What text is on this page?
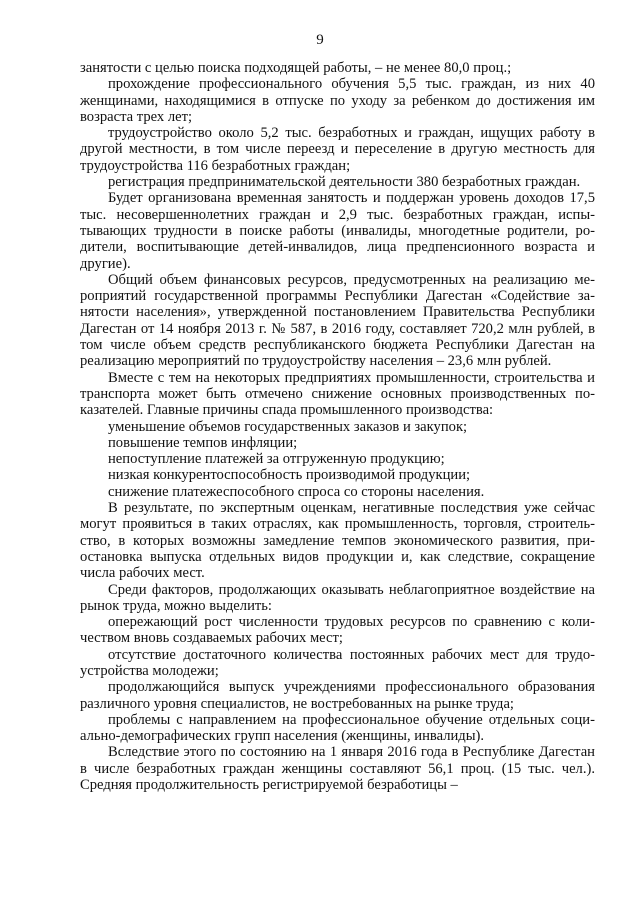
9

занятости с целью поиска подходящей работы, – не менее 80,0 проц.;

прохождение профессионального обучения 5,5 тыс. граждан, из них 40 женщинами, находящимися в отпуске по уходу за ребенком до достижения им возраста трех лет;

трудоустройство около 5,2 тыс. безработных и граждан, ищущих работу в другой местности, в том числе переезд и переселение в другую местность для трудоустройства 116 безработных граждан;

регистрация предпринимательской деятельности 380 безработных граждан.

Будет организована временная занятость и поддержан уровень доходов 17,5 тыс. несовершеннолетних граждан и 2,9 тыс. безработных граждан, испытывающих трудности в поиске работы (инвалиды, многодетные родители, родители, воспитывающие детей-инвалидов, лица предпенсионного возраста и другие).

Общий объем финансовых ресурсов, предусмотренных на реализацию мероприятий государственной программы Республики Дагестан «Содействие занятости населения», утвержденной постановлением Правительства Республики Дагестан от 14 ноября 2013 г. № 587, в 2016 году, составляет 720,2 млн рублей, в том числе объем средств республиканского бюджета Республики Дагестан на реализацию мероприятий по трудоустройству населения – 23,6 млн рублей.

Вместе с тем на некоторых предприятиях промышленности, строительства и транспорта может быть отмечено снижение основных производственных показателей. Главные причины спада промышленного производства:

уменьшение объемов государственных заказов и закупок;

повышение темпов инфляции;

непоступление платежей за отгруженную продукцию;

низкая конкурентоспособность производимой продукции;

снижение платежеспособного спроса со стороны населения.

В результате, по экспертным оценкам, негативные последствия уже сейчас могут проявиться в таких отраслях, как промышленность, торговля, строительство, в которых возможны замедление темпов экономического развития, приостановка выпуска отдельных видов продукции и, как следствие, сокращение числа рабочих мест.

Среди факторов, продолжающих оказывать неблагоприятное воздействие на рынок труда, можно выделить:

опережающий рост численности трудовых ресурсов по сравнению с количеством вновь создаваемых рабочих мест;

отсутствие достаточного количества постоянных рабочих мест для трудоустройства молодежи;

продолжающийся выпуск учреждениями профессионального образования различного уровня специалистов, не востребованных на рынке труда;

проблемы с направлением на профессиональное обучение отдельных социально-демографических групп населения (женщины, инвалиды).

Вследствие этого по состоянию на 1 января 2016 года в Республике Дагестан в числе безработных граждан женщины составляют 56,1 проц. (15 тыс. чел.). Средняя продолжительность регистрируемой безработицы –
